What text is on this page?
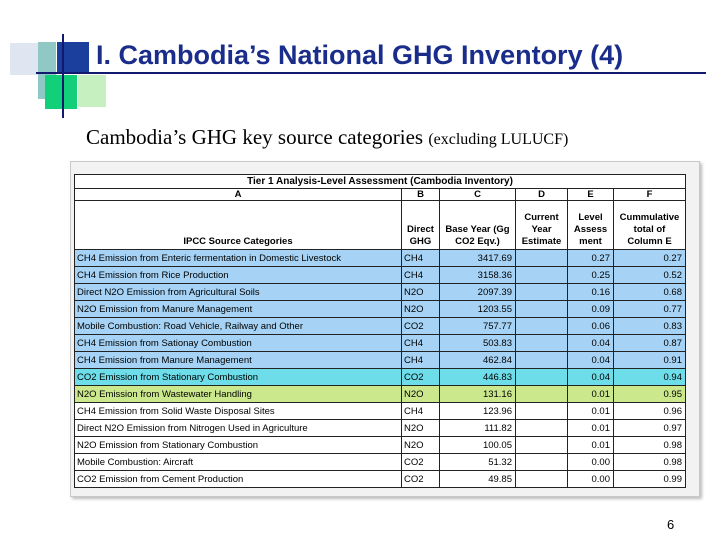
I. Cambodia’s National GHG Inventory (4)

Cambodia’s GHG key source categories (excluding LULUCF)

Tier 1 Analysis-Level Assessment (Cambodia Inventory)					
A	B	C	D	E	F
IPCC Source Categories	Direct GHG	Base Year (Gg CO2 Eqv.)	Current Year Estimate	Level Assess ment	Cummulative total of Column E
CH4 Emission from Enteric fermentation in Domestic Livestock	CH4	3417.69		0.27	0.27
CH4 Emission from Rice Production	CH4	3158.36		0.25	0.52
Direct N2O Emission from Agricultural Soils	N2O	2097.39		0.16	0.68
N2O Emission from Manure Management	N2O	1203.55		0.09	0.77
Mobile Combustion: Road Vehicle, Railway and Other	CO2	757.77		0.06	0.83
CH4 Emission from Sationay Combustion	CH4	503.83		0.04	0.87
CH4 Emission from Manure Management	CH4	462.84		0.04	0.91
CO2 Emission from Stationary Combustion	CO2	446.83		0.04	0.94
N2O Emission from Wastewater Handling	N2O	131.16		0.01	0.95
CH4 Emission from Solid Waste Disposal Sites	CH4	123.96		0.01	0.96
Direct N2O Emission from Nitrogen Used in Agriculture	N2O	111.82		0.01	0.97
N2O Emission from Stationary Combustion	N2O	100.05		0.01	0.98
Mobile Combustion: Aircraft	CO2	51.32		0.00	0.98
CO2 Emission from Cement Production	CO2	49.85		0.00	0.99
6
